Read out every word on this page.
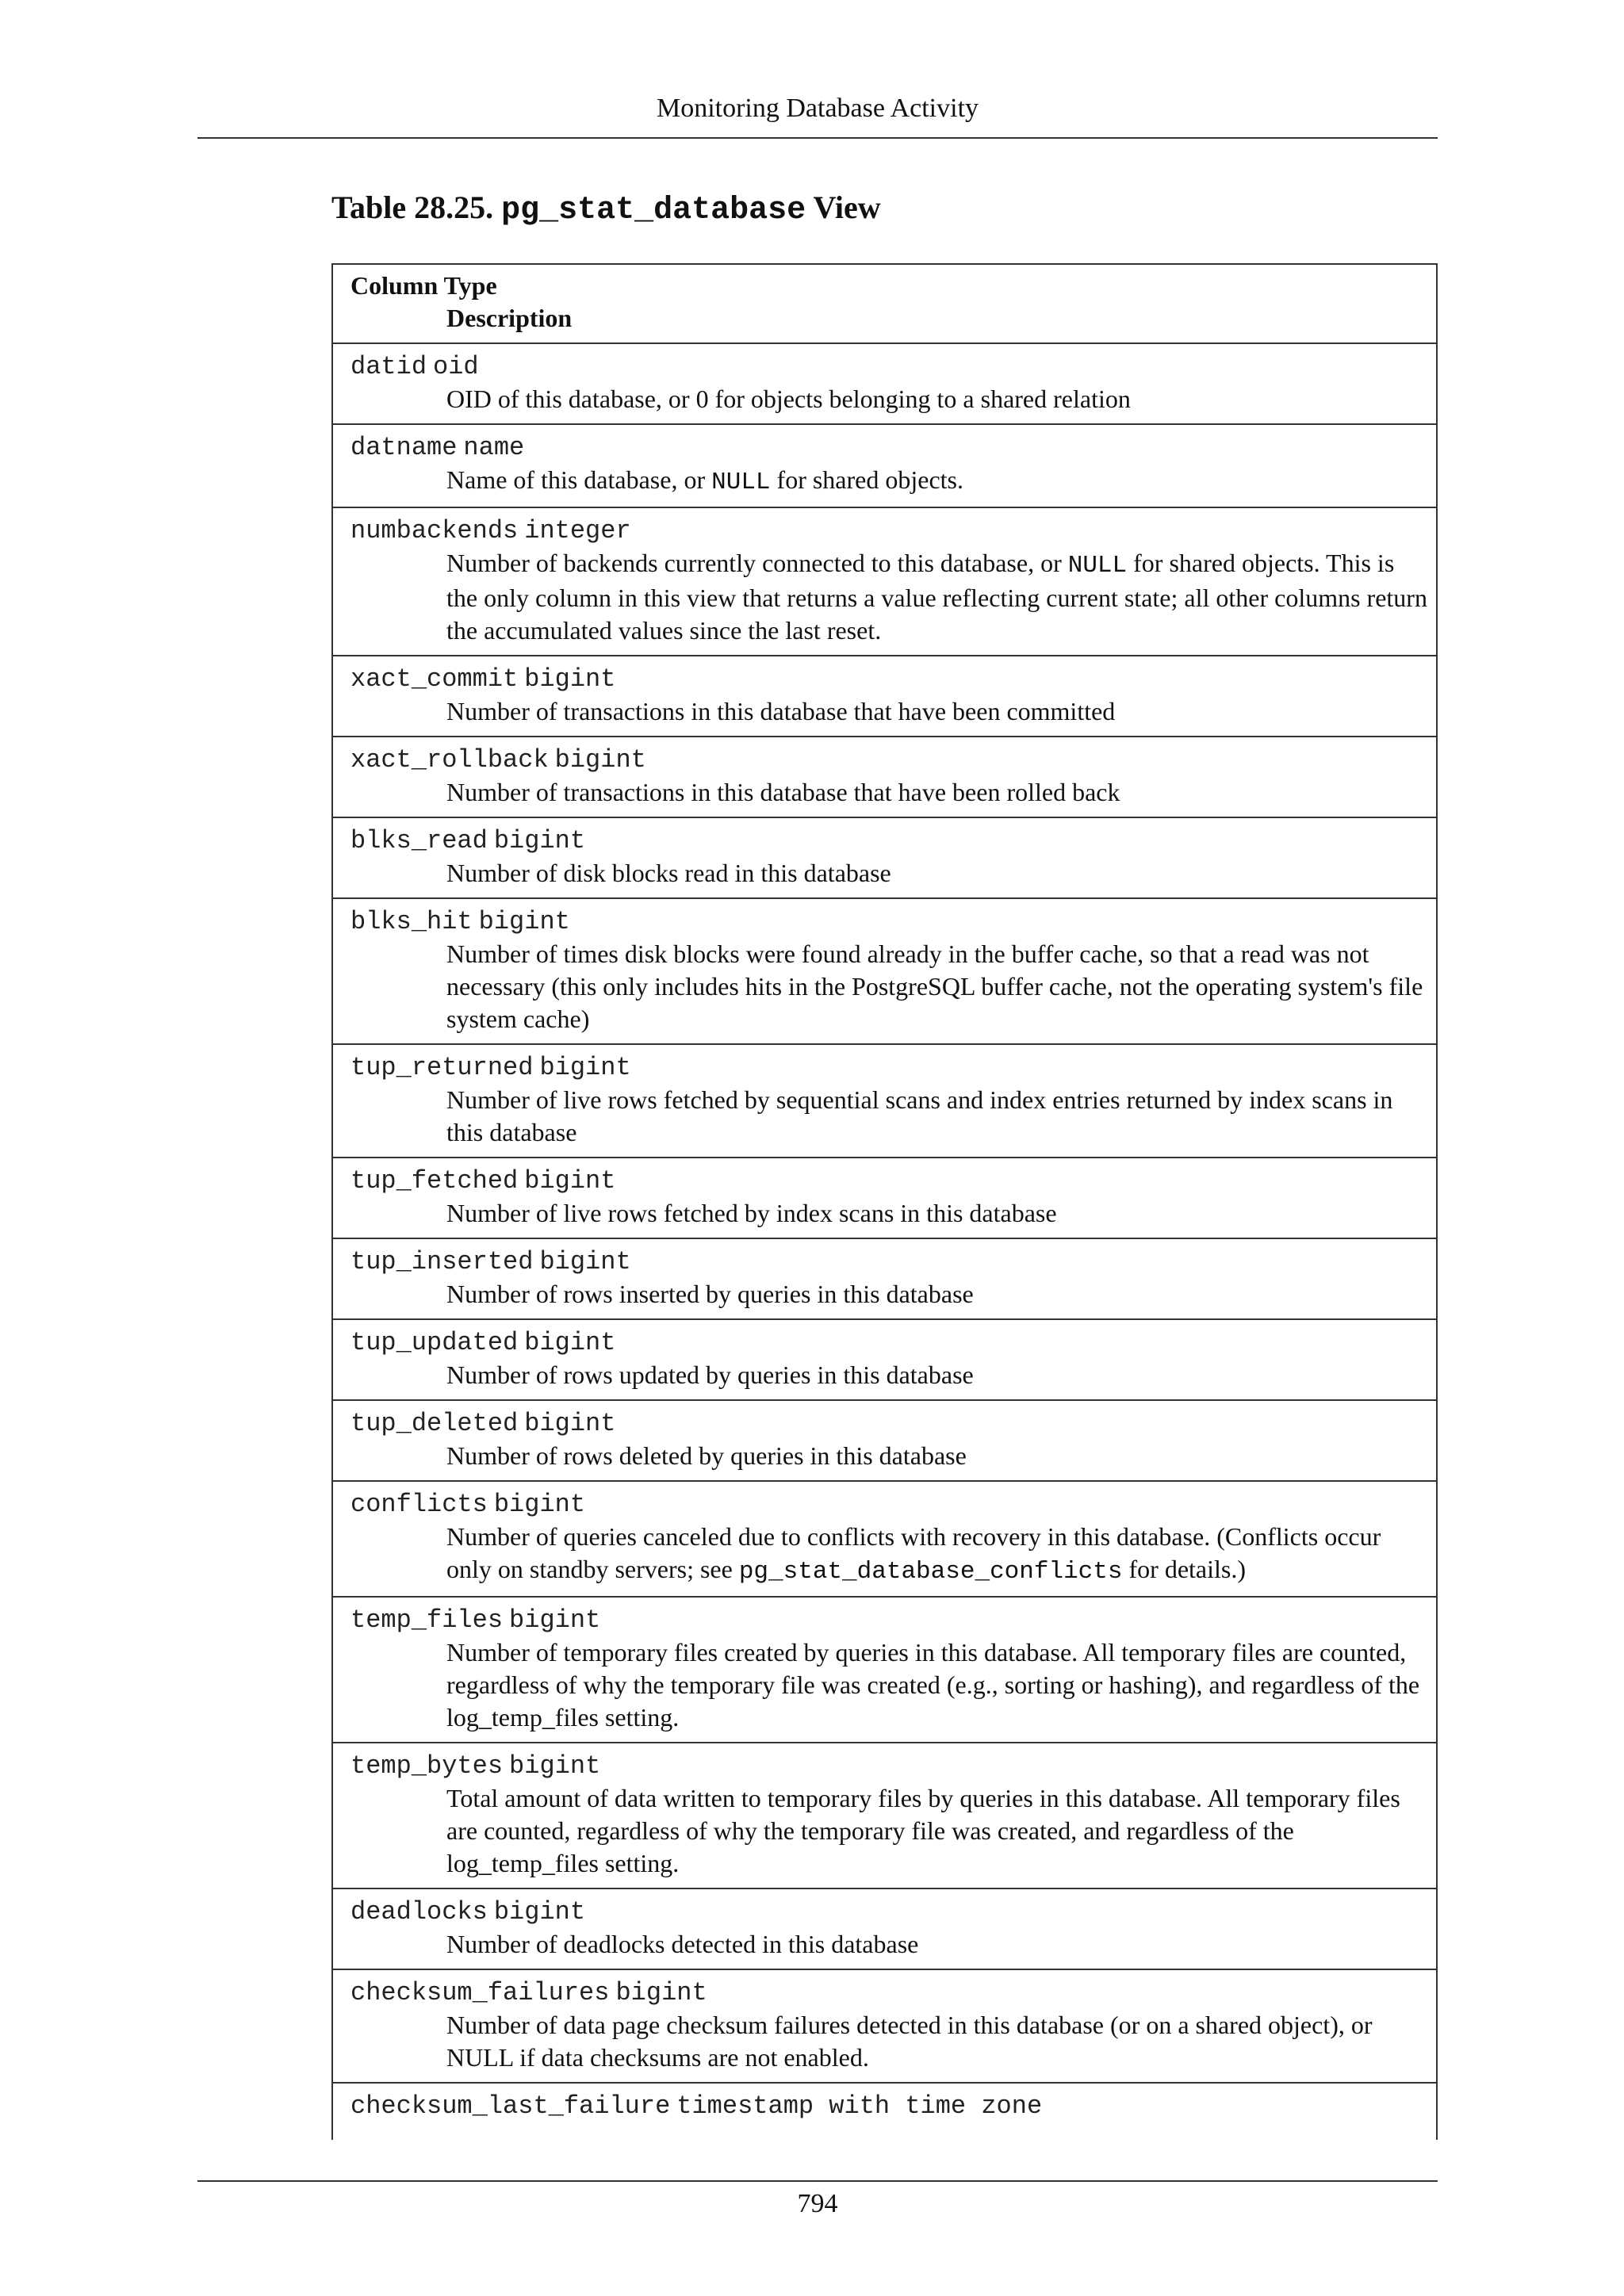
Monitoring Database Activity
Table 28.25. pg_stat_database View
Column Type
Description

datid oid
OID of this database, or 0 for objects belonging to a shared relation

datname name
Name of this database, or NULL for shared objects.

numbackends integer
Number of backends currently connected to this database, or NULL for shared objects. This is the only column in this view that returns a value reflecting current state; all other columns return the accumulated values since the last reset.

xact_commit bigint
Number of transactions in this database that have been committed

xact_rollback bigint
Number of transactions in this database that have been rolled back

blks_read bigint
Number of disk blocks read in this database

blks_hit bigint
Number of times disk blocks were found already in the buffer cache, so that a read was not necessary (this only includes hits in the PostgreSQL buffer cache, not the operating system's file system cache)

tup_returned bigint
Number of live rows fetched by sequential scans and index entries returned by index scans in this database

tup_fetched bigint
Number of live rows fetched by index scans in this database

tup_inserted bigint
Number of rows inserted by queries in this database

tup_updated bigint
Number of rows updated by queries in this database

tup_deleted bigint
Number of rows deleted by queries in this database

conflicts bigint
Number of queries canceled due to conflicts with recovery in this database. (Conflicts occur only on standby servers; see pg_stat_database_conflicts for details.)

temp_files bigint
Number of temporary files created by queries in this database. All temporary files are counted, regardless of why the temporary file was created (e.g., sorting or hashing), and regardless of the log_temp_files setting.

temp_bytes bigint
Total amount of data written to temporary files by queries in this database. All temporary files are counted, regardless of why the temporary file was created, and regardless of the log_temp_files setting.

deadlocks bigint
Number of deadlocks detected in this database

checksum_failures bigint
Number of data page checksum failures detected in this database (or on a shared object), or NULL if data checksums are not enabled.

checksum_last_failure timestamp with time zone
794
